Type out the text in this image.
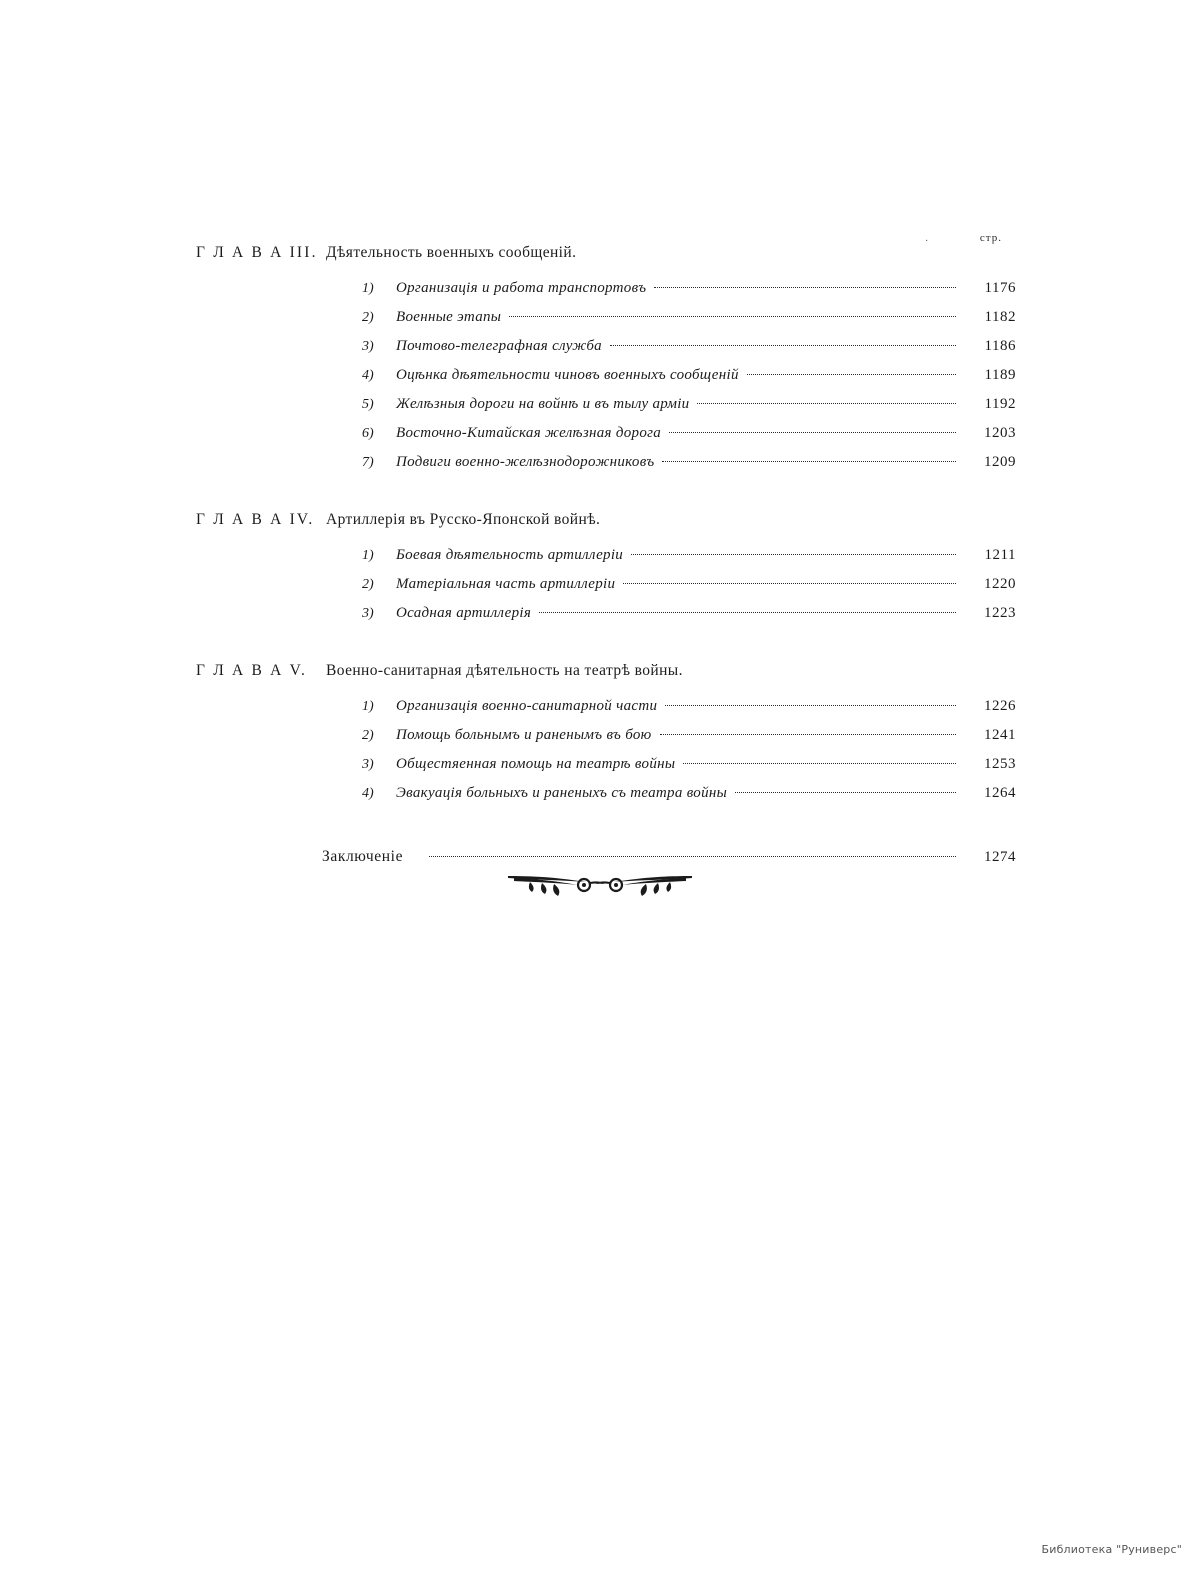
.	стр.
Г Л А В А III. Дѣятельность военныхъ сообщеній.
1)	Организація и работа транспортовъ	1176
2)	Военные этапы	1182
3)	Почтово-телеграфная служба	1186
4)	Оцѣнка дѣятельности чиновъ военныхъ сообщеній	1189
5)	Желѣзныя дороги на войнѣ и въ тылу арміи	1192
6)	Восточно-Китайская желѣзная дорога	1203
7)	Подвиги военно-желѣзнодорожниковъ	1209
Г Л А В А IV. Артиллерія въ Русско-Японской войнѣ.
1)	Боевая дѣятельность артиллеріи	1211
2)	Матеріальная часть артиллеріи	1220
3)	Осадная артиллерія	1223
Г Л А В А V.	Военно-санитарная дѣятельность на театрѣ войны.
1)	Организація военно-санитарной части	1226
2)	Помощь больнымъ и раненымъ въ бою	1241
3)	Общестяенная помощь на театрѣ войны	1253
4)	Эвакуація больныхъ и раненыхъ съ театра войны	1264
Заключеніе	1274
Библиотека "Руниверс"
